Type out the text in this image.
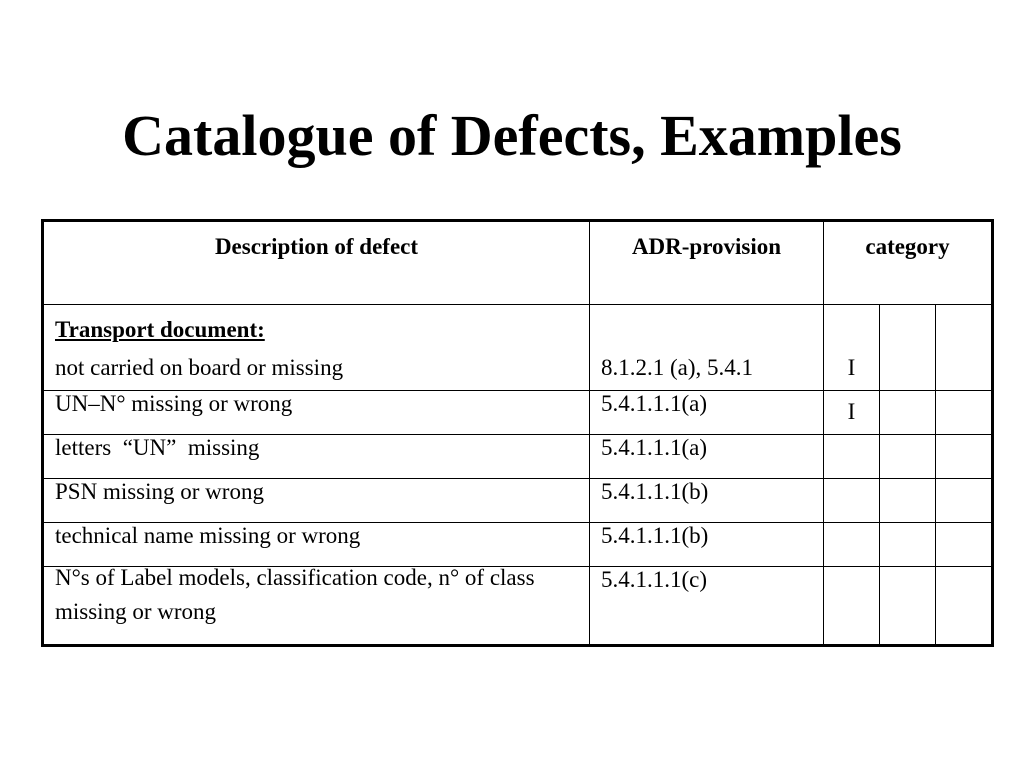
Catalogue of Defects, Examples
Description of defect	ADR-provision	category		

Transport document:
not carried on board or missing	8.1.2.1 (a), 5.4.1	I		

UN–N° missing or wrong	5.4.1.1.1(a)	I		
letters  “UN”  missing	5.4.1.1.1(a)			
PSN missing or wrong	5.4.1.1.1(b)			
technical name missing or wrong	5.4.1.1.1(b)			

N°s of Label models, classification code, n° of class missing or wrong	5.4.1.1.1(c)			
